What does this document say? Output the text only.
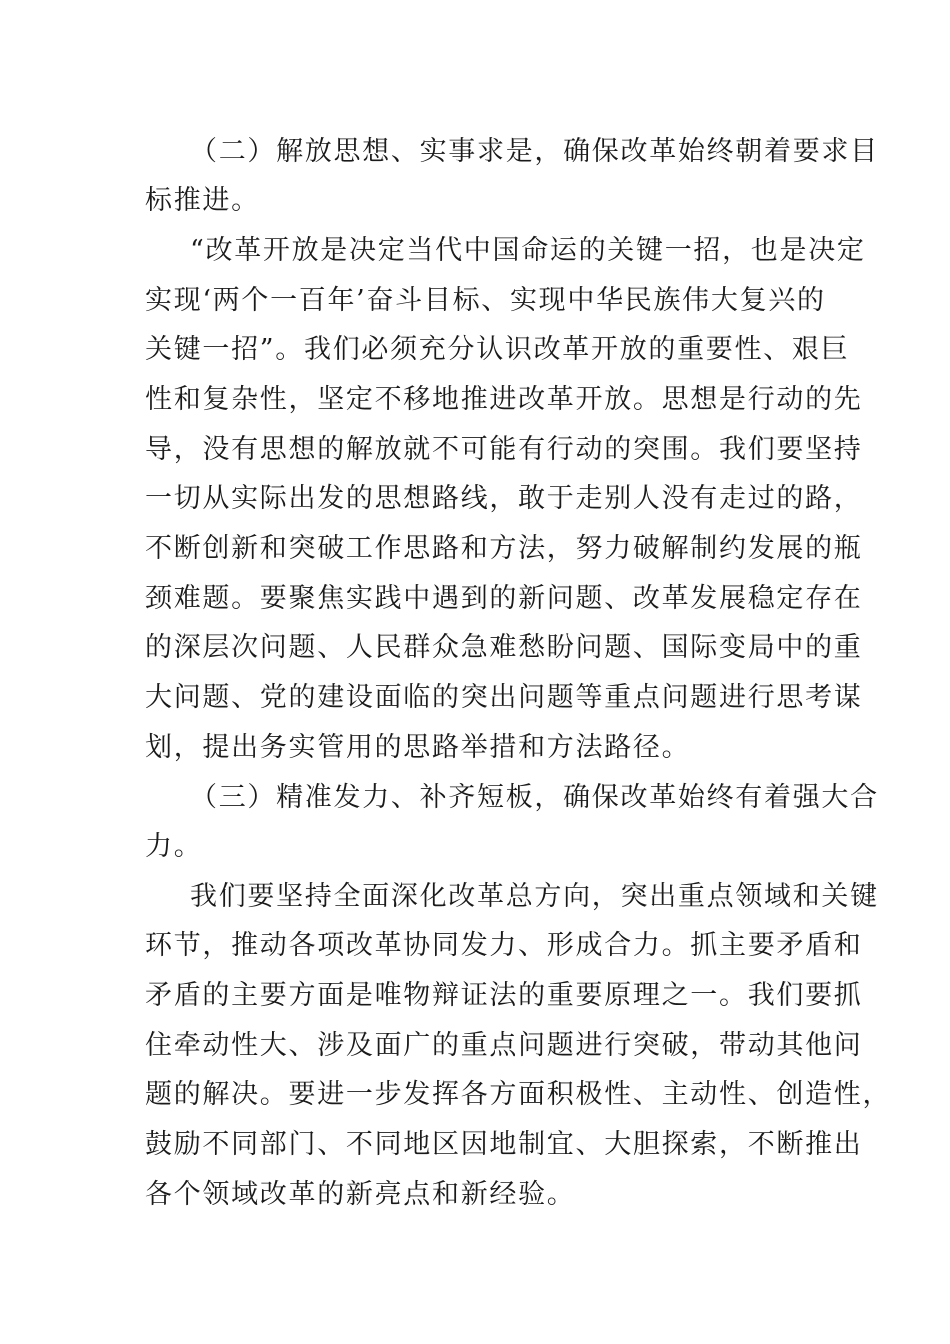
（二）解放思想、实事求是，确保改革始终朝着要求目
标推进。
“改革开放是决定当代中国命运的关键一招，也是决定
实现‘两个一百年’奋斗目标、实现中华民族伟大复兴的
关键一招”。我们必须充分认识改革开放的重要性、艰巨
性和复杂性，坚定不移地推进改革开放。思想是行动的先
导，没有思想的解放就不可能有行动的突围。我们要坚持
一切从实际出发的思想路线，敢于走别人没有走过的路，
不断创新和突破工作思路和方法，努力破解制约发展的瓶
颈难题。要聚焦实践中遇到的新问题、改革发展稳定存在
的深层次问题、人民群众急难愁盼问题、国际变局中的重
大问题、党的建设面临的突出问题等重点问题进行思考谋
划，提出务实管用的思路举措和方法路径。
（三）精准发力、补齐短板，确保改革始终有着强大合
力。
我们要坚持全面深化改革总方向，突出重点领域和关键
环节，推动各项改革协同发力、形成合力。抓主要矛盾和
矛盾的主要方面是唯物辩证法的重要原理之一。我们要抓
住牵动性大、涉及面广的重点问题进行突破，带动其他问
题的解决。要进一步发挥各方面积极性、主动性、创造性，
鼓励不同部门、不同地区因地制宜、大胆探索，不断推出
各个领域改革的新亮点和新经验。
